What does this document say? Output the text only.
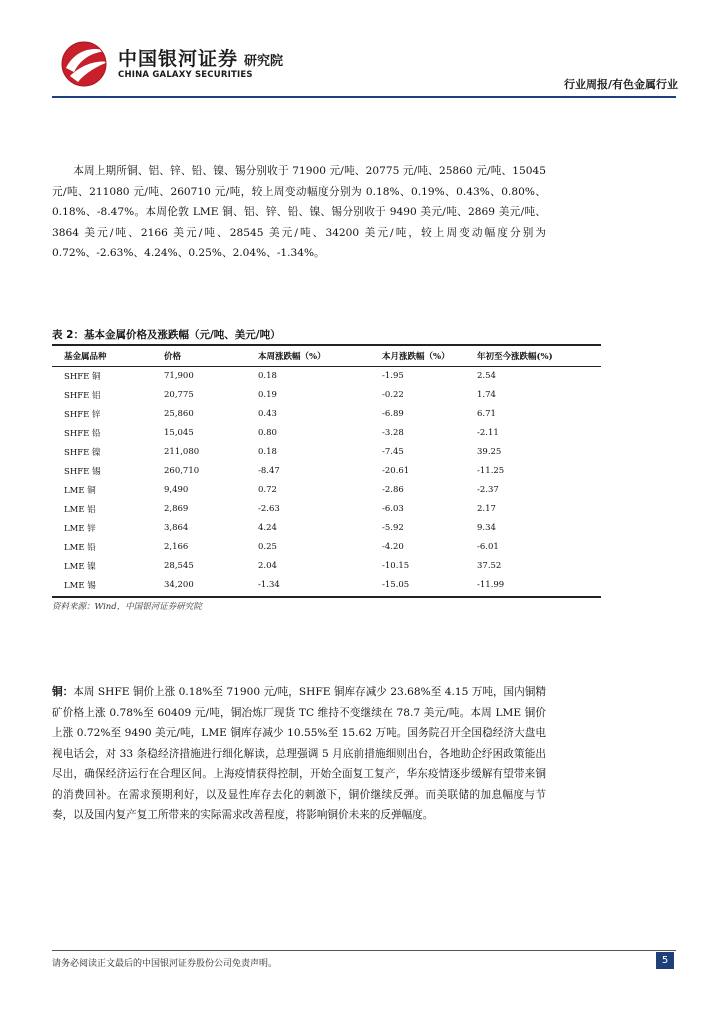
中国银河证券
CHINA GALAXY SECURITIES
研究院
行业周报/有色金属行业

本周上期所铜、铝、锌、铅、镍、锡分别收于 71900 元/吨、20775 元/吨、25860 元/吨、15045 元/吨、211080 元/吨、260710 元/吨，较上周变动幅度分别为 0.18%、0.19%、0.43%、0.80%、0.18%、-8.47%。本周伦敦 LME 铜、铝、锌、铅、镍、锡分别收于 9490 美元/吨、2869 美元/吨、3864 美元/吨、2166 美元/吨、28545 美元/吨、34200 美元/吨，较上周变动幅度分别为 0.72%、-2.63%、4.24%、0.25%、2.04%、-1.34%。

表 2：基本金属价格及涨跌幅（元/吨、美元/吨）
基金属品种	价格	本周涨跌幅（%）	本月涨跌幅（%）	年初至今涨跌幅(%)
SHFE 铜	71,900	0.18	-1.95	2.54
SHFE 铝	20,775	0.19	-0.22	1.74
SHFE 锌	25,860	0.43	-6.89	6.71
SHFE 铅	15,045	0.80	-3.28	-2.11
SHFE 镍	211,080	0.18	-7.45	39.25
SHFE 锡	260,710	-8.47	-20.61	-11.25
LME 铜	9,490	0.72	-2.86	-2.37
LME 铝	2,869	-2.63	-6.03	2.17
LME 锌	3,864	4.24	-5.92	9.34
LME 铅	2,166	0.25	-4.20	-6.01
LME 镍	28,545	2.04	-10.15	37.52
LME 锡	34,200	-1.34	-15.05	-11.99
资料来源：Wind，中国银河证券研究院

铜：本周 SHFE 铜价上涨 0.18%至 71900 元/吨，SHFE 铜库存减少 23.68%至 4.15 万吨，国内铜精矿价格上涨 0.78%至 60409 元/吨，铜冶炼厂现货 TC 维持不变继续在 78.7 美元/吨。本周 LME 铜价上涨 0.72%至 9490 美元/吨，LME 铜库存减少 10.55%至 15.62 万吨。国务院召开全国稳经济大盘电视电话会，对 33 条稳经济措施进行细化解读，总理强调 5 月底前措施细则出台，各地助企纾困政策能出尽出，确保经济运行在合理区间。上海疫情获得控制，开始全面复工复产，华东疫情逐步缓解有望带来铜的消费回补。在需求预期利好，以及显性库存去化的刺激下，铜价继续反弹。而美联储的加息幅度与节奏，以及国内复产复工所带来的实际需求改善程度，将影响铜价未来的反弹幅度。

请务必阅读正文最后的中国银河证券股份公司免责声明。	5
